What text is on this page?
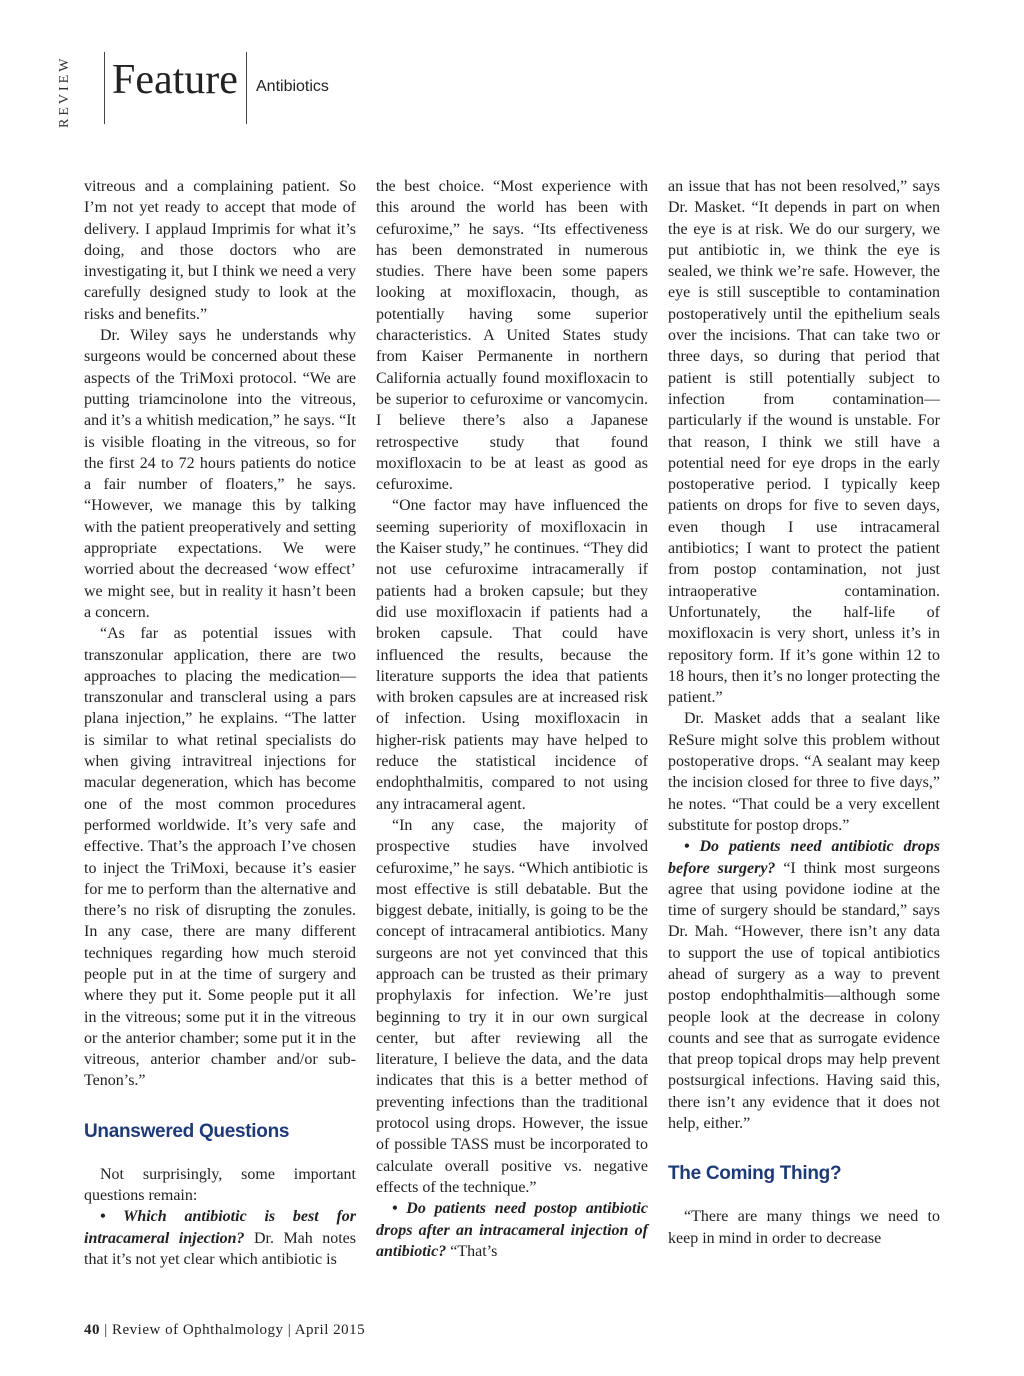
REVIEW Feature Antibiotics

vitreous and a complaining patient. So I’m not yet ready to accept that mode of delivery. I applaud Imprimis for what it’s doing, and those doctors who are investigating it, but I think we need a very carefully designed study to look at the risks and benefits.”

Dr. Wiley says he understands why surgeons would be concerned about these aspects of the TriMoxi protocol. “We are putting triamcinolone into the vitreous, and it’s a whitish medication,” he says. “It is visible floating in the vitreous, so for the first 24 to 72 hours patients do notice a fair number of floaters,” he says. “However, we manage this by talking with the patient preoperatively and setting appropriate expectations. We were worried about the decreased ‘wow effect’ we might see, but in reality it hasn’t been a concern.

“As far as potential issues with transzonular application, there are two approaches to placing the medication—transzonular and transcleral using a pars plana injection,” he explains. “The latter is similar to what retinal specialists do when giving intravitreal injections for macular degeneration, which has become one of the most common procedures performed worldwide. It’s very safe and effective. That’s the approach I’ve chosen to inject the TriMoxi, because it’s easier for me to perform than the alternative and there’s no risk of disrupting the zonules. In any case, there are many different techniques regarding how much steroid people put in at the time of surgery and where they put it. Some people put it all in the vitreous; some put it in the vitreous or the anterior chamber; some put it in the vitreous, anterior chamber and/or sub-Tenon’s.”

Unanswered Questions

Not surprisingly, some important questions remain:

• Which antibiotic is best for intracameral injection? Dr. Mah notes that it’s not yet clear which antibiotic is

the best choice. “Most experience with this around the world has been with cefuroxime,” he says. “Its effectiveness has been demonstrated in numerous studies. There have been some papers looking at moxifloxacin, though, as potentially having some superior characteristics. A United States study from Kaiser Permanente in northern California actually found moxifloxacin to be superior to cefuroxime or vancomycin. I believe there’s also a Japanese retrospective study that found moxifloxacin to be at least as good as cefuroxime.

“One factor may have influenced the seeming superiority of moxifloxacin in the Kaiser study,” he continues. “They did not use cefuroxime intracamerally if patients had a broken capsule; but they did use moxifloxacin if patients had a broken capsule. That could have influenced the results, because the literature supports the idea that patients with broken capsules are at increased risk of infection. Using moxifloxacin in higher-risk patients may have helped to reduce the statistical incidence of endophthalmitis, compared to not using any intracameral agent.

“In any case, the majority of prospective studies have involved cefuroxime,” he says. “Which antibiotic is most effective is still debatable. But the biggest debate, initially, is going to be the concept of intracameral antibiotics. Many surgeons are not yet convinced that this approach can be trusted as their primary prophylaxis for infection. We’re just beginning to try it in our own surgical center, but after reviewing all the literature, I believe the data, and the data indicates that this is a better method of preventing infections than the traditional protocol using drops. However, the issue of possible TASS must be incorporated to calculate overall positive vs. negative effects of the technique.”

• Do patients need postop antibiotic drops after an intracameral injection of antibiotic? “That’s

an issue that has not been resolved,” says Dr. Masket. “It depends in part on when the eye is at risk. We do our surgery, we put antibiotic in, we think the eye is sealed, we think we’re safe. However, the eye is still susceptible to contamination postoperatively until the epithelium seals over the incisions. That can take two or three days, so during that period that patient is still potentially subject to infection from contamination—particularly if the wound is unstable. For that reason, I think we still have a potential need for eye drops in the early postoperative period. I typically keep patients on drops for five to seven days, even though I use intracameral antibiotics; I want to protect the patient from postop contamination, not just intraoperative contamination. Unfortunately, the half-life of moxifloxacin is very short, unless it’s in repository form. If it’s gone within 12 to 18 hours, then it’s no longer protecting the patient.”

Dr. Masket adds that a sealant like ReSure might solve this problem without postoperative drops. “A sealant may keep the incision closed for three to five days,” he notes. “That could be a very excellent substitute for postop drops.”

• Do patients need antibiotic drops before surgery? “I think most surgeons agree that using povidone iodine at the time of surgery should be standard,” says Dr. Mah. “However, there isn’t any data to support the use of topical antibiotics ahead of surgery as a way to prevent postop endophthalmitis—although some people look at the decrease in colony counts and see that as surrogate evidence that preop topical drops may help prevent postsurgical infections. Having said this, there isn’t any evidence that it does not help, either.”

The Coming Thing?

“There are many things we need to keep in mind in order to decrease

40 | Review of Ophthalmology | April 2015
